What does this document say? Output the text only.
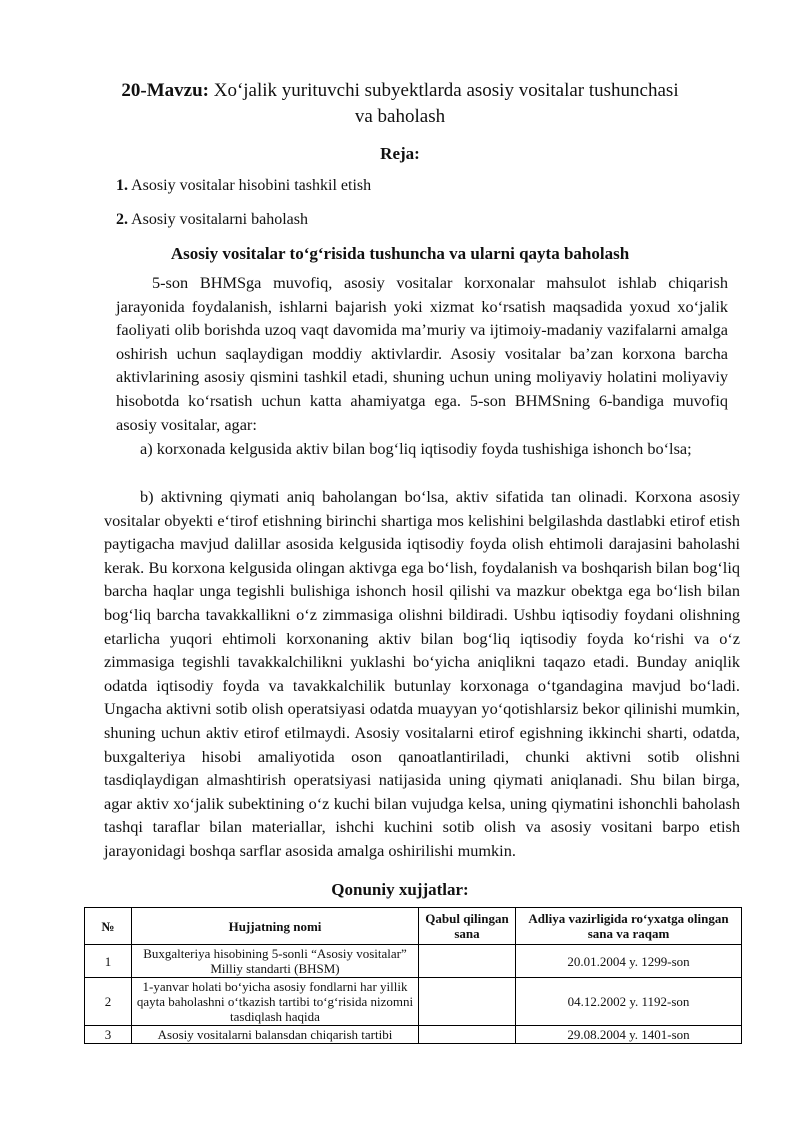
20-Mavzu: Xoʻjalik yurituvchi subyektlarda asosiy vositalar tushunchasi va baholash
Reja:
1. Asosiy vositalar hisobini tashkil etish
2. Asosiy vositalarni baholash
Asosiy vositalar toʻgʻrisida tushuncha va ularni qayta baholash
5-son BHMSga muvofiq, asosiy vositalar korxonalar mahsulot ishlab chiqarish jarayonida foydalanish, ishlarni bajarish yoki xizmat koʻrsatish maqsadida yoxud xoʻjalik faoliyati olib borishda uzoq vaqt davomida maʼmuriy va ijtimoiy-madaniy vazifalarni amalga oshirish uchun saqlaydigan moddiy aktivlardir. Asosiy vositalar baʼzan korxona barcha aktivlarining asosiy qismini tashkil etadi, shuning uchun uning moliyaviy holatini moliyaviy hisobotda koʻrsatish uchun katta ahamiyatga ega. 5-son BHMSning 6-bandiga muvofiq asosiy vositalar, agar:
a) korxonada kelgusida aktiv bilan bogʻliq iqtisodiy foyda tushishiga ishonch boʻlsa;
b) aktivning qiymati aniq baholangan boʻlsa, aktiv sifatida tan olinadi. Korxona asosiy vositalar obyekti eʻtirof etishning birinchi shartiga mos kelishini belgilashda dastlabki etirof etish paytigacha mavjud dalillar asosida kelgusida iqtisodiy foyda olish ehtimoli darajasini baholashi kerak. Bu korxona kelgusida olingan aktivga ega boʻlish, foydalanish va boshqarish bilan bogʻliq barcha haqlar unga tegishli bulishiga ishonch hosil qilishi va mazkur obektga ega boʻlish bilan bogʻliq barcha tavakkallikni oʻz zimmasiga olishni bildiradi. Ushbu iqtisodiy foydani olishning etarlicha yuqori ehtimoli korxonaning aktiv bilan bogʻliq iqtisodiy foyda koʻrishi va oʻz zimmasiga tegishli tavakkalchilikni yuklashi boʻyicha aniqlikni taqazo etadi. Bunday aniqlik odatda iqtisodiy foyda va tavakkalchilik butunlay korxonaga oʻtgandagina mavjud boʻladi. Ungacha aktivni sotib olish operatsiyasi odatda muayyan yoʻqotishlarsiz bekor qilinishi mumkin, shuning uchun aktiv etirof etilmaydi. Asosiy vositalarni etirof egishning ikkinchi sharti, odatda, buxgalteriya hisobi amaliyotida oson qanoatlantiriladi, chunki aktivni sotib olishni tasdiqlaydigan almashtirish operatsiyasi natijasida uning qiymati aniqlanadi. Shu bilan birga, agar aktiv xoʻjalik subektining oʻz kuchi bilan vujudga kelsa, uning qiymatini ishonchli baholash tashqi taraflar bilan materiallar, ishchi kuchini sotib olish va asosiy vositani barpo etish jarayonidagi boshqa sarflar asosida amalga oshirilishi mumkin.
Qonuniy xujjatlar:
№	Hujjatning nomi	Qabul qilingan sana	Adliya vazirligida roʻyxatga olingan sana va raqam
1	Buxgalteriya hisobining 5-sonli “Asosiy vositalar” Milliy standarti (BHSM)		20.01.2004 y. 1299-son
2	1-yanvar holati boʻyicha asosiy fondlarni har yillik qayta baholashni oʻtkazish tartibi toʻgʻrisida nizomni tasdiqlash haqida		04.12.2002 y. 1192-son
3	Asosiy vositalarni balansdan chiqarish tartibi		29.08.2004 y. 1401-son
